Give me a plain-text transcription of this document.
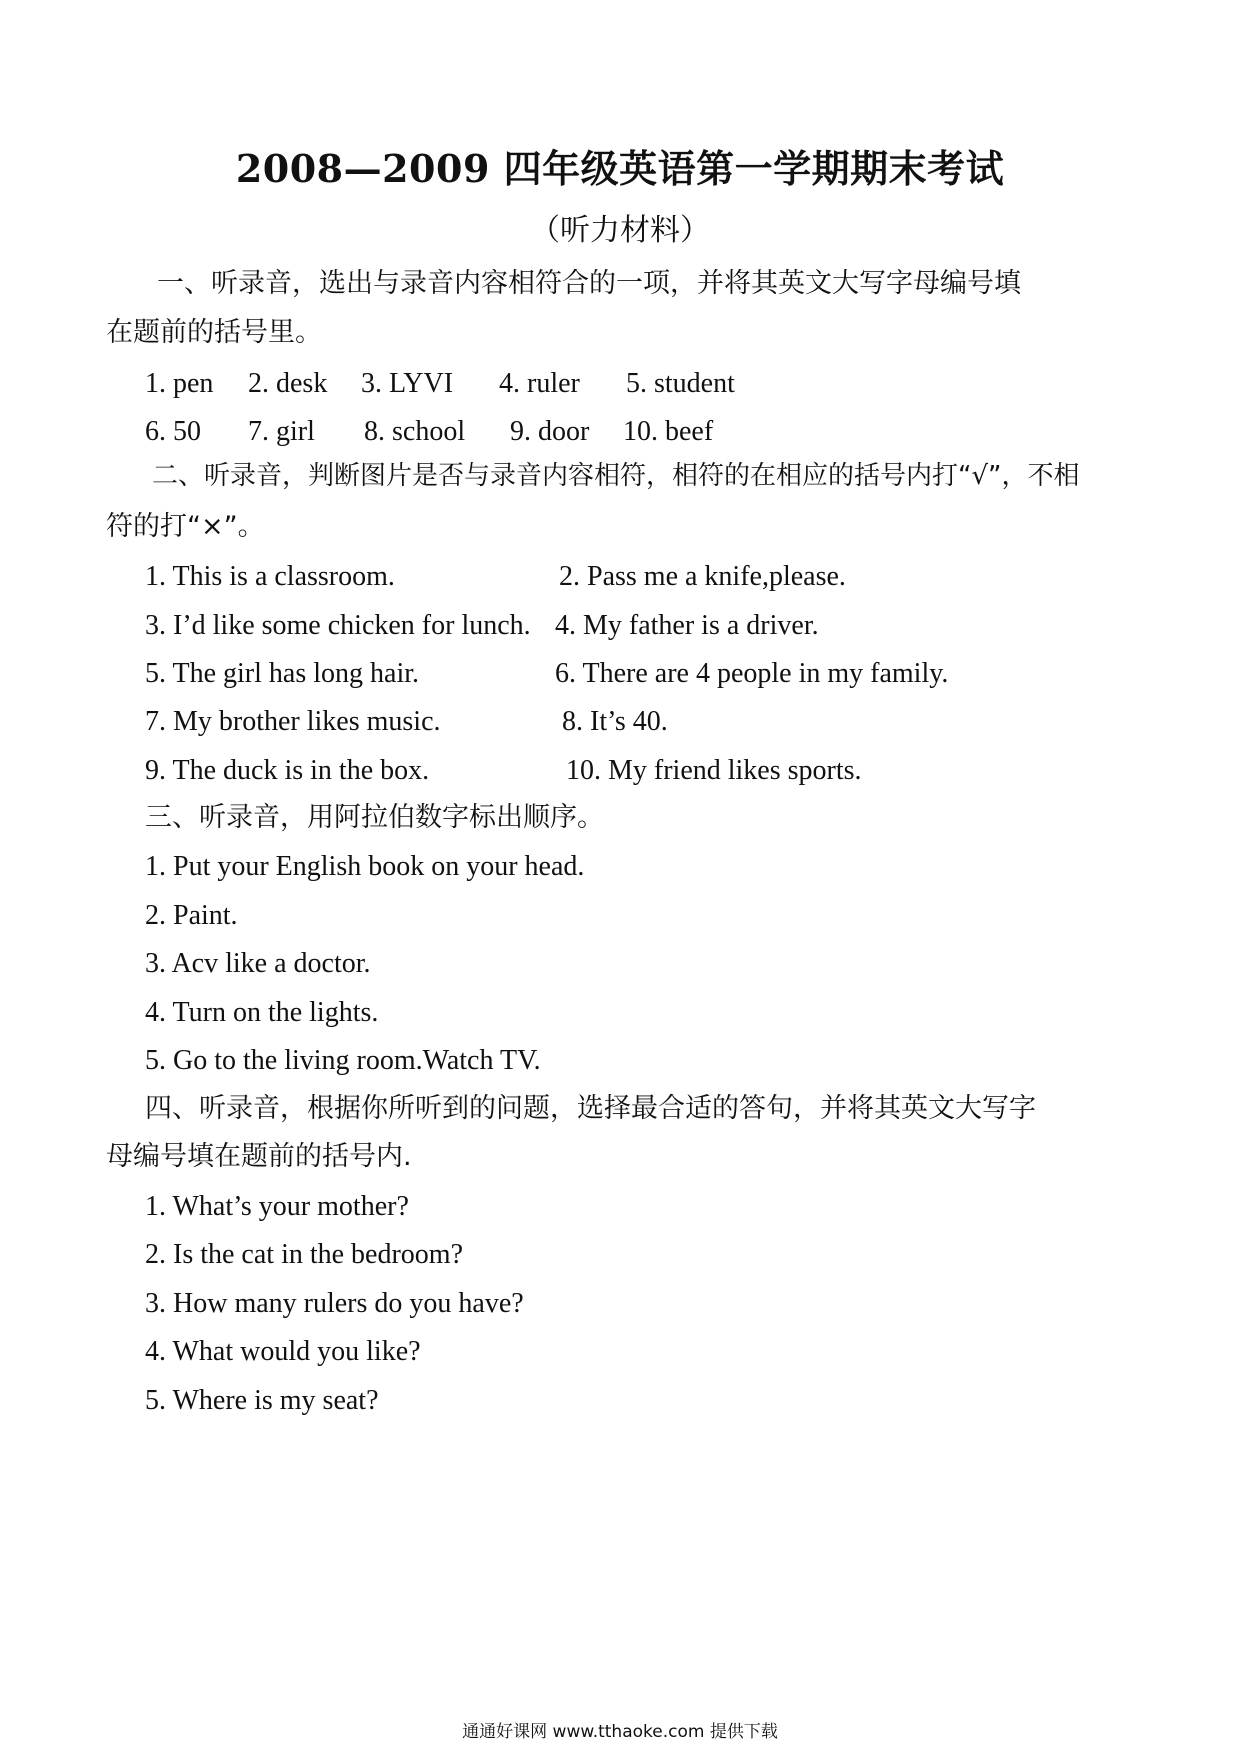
2008—2009 四年级英语第一学期期末考试
（听力材料）
一、听录音，选出与录音内容相符合的一项，并将其英文大写字母编号填
在题前的括号里。
1. pen 2. desk 3. LYVI 4. ruler 5. student
6. 50 7. girl 8. school 9. door 10. beef
二、听录音，判断图片是否与录音内容相符，相符的在相应的括号内打“√”，不相
符的打“×”。
1. This is a classroom.	2. Pass me a knife,please.
3. I’d like some chicken for lunch. 4. My father is a driver.
5. The girl has long hair.	6. There are 4 people in my family.
7. My brother likes music.	8. It’s 40.
9. The duck is in the box.	10. My friend likes sports.
三、听录音，用阿拉伯数字标出顺序。
1. Put your English book on your head.
2. Paint.
3. Acv like a doctor.
4. Turn on the lights.
5. Go to the living room.Watch TV.
四、听录音，根据你所听到的问题，选择最合适的答句，并将其英文大写字
母编号填在题前的括号内.
1. What’s your mother?
2. Is the cat in the bedroom?
3. How many rulers do you have?
4. What would you like?
5. Where is my seat?
通通好课网 www.tthaoke.com 提供下载
